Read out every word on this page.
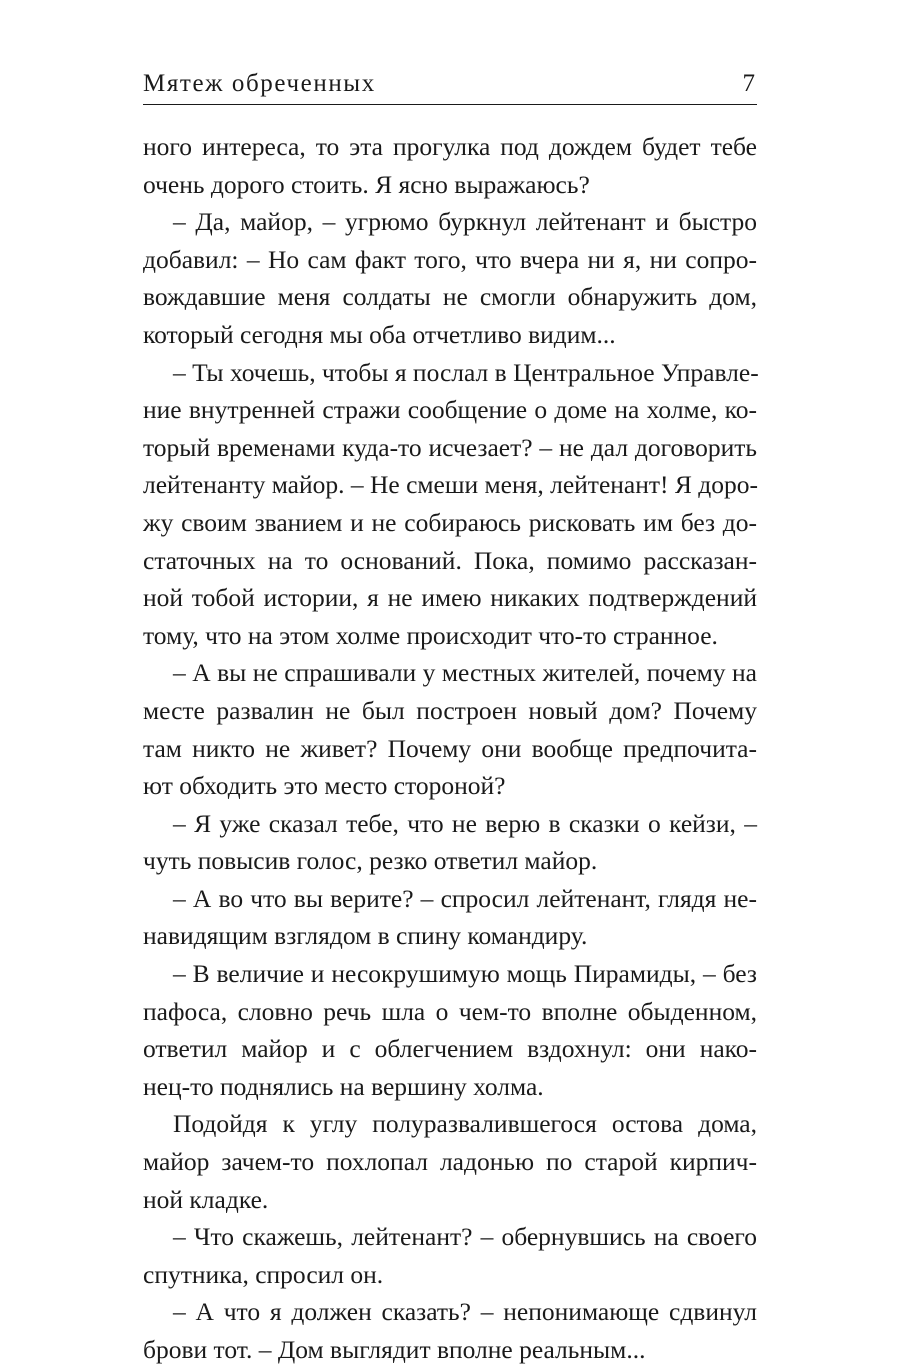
Мятеж обреченных	7
ного интереса, то эта прогулка под дождем будет тебе
очень дорого стоить. Я ясно выражаюсь?
– Да, майор, – угрюмо буркнул лейтенант и быстро
добавил: – Но сам факт того, что вчера ни я, ни сопро-
вождавшие меня солдаты не смогли обнаружить дом,
который сегодня мы оба отчетливо видим...
– Ты хочешь, чтобы я послал в Центральное Управле-
ние внутренней стражи сообщение о доме на холме, ко-
торый временами куда-то исчезает? – не дал договорить
лейтенанту майор. – Не смеши меня, лейтенант! Я доро-
жу своим званием и не собираюсь рисковать им без до-
статочных на то оснований. Пока, помимо рассказан-
ной тобой истории, я не имею никаких подтверждений
тому, что на этом холме происходит что-то странное.
– А вы не спрашивали у местных жителей, почему на
месте развалин не был построен новый дом? Почему
там никто не живет? Почему они вообще предпочита-
ют обходить это место стороной?
– Я уже сказал тебе, что не верю в сказки о кейзи, –
чуть повысив голос, резко ответил майор.
– А во что вы верите? – спросил лейтенант, глядя не-
навидящим взглядом в спину командиру.
– В величие и несокрушимую мощь Пирамиды, – без
пафоса, словно речь шла о чем-то вполне обыденном,
ответил майор и с облегчением вздохнул: они нако-
нец-то поднялись на вершину холма.
Подойдя к углу полуразвалившегося остова дома,
майор зачем-то похлопал ладонью по старой кирпич-
ной кладке.
– Что скажешь, лейтенант? – обернувшись на своего
спутника, спросил он.
– А что я должен сказать? – непонимающе сдвинул
брови тот. – Дом выглядит вполне реальным...
